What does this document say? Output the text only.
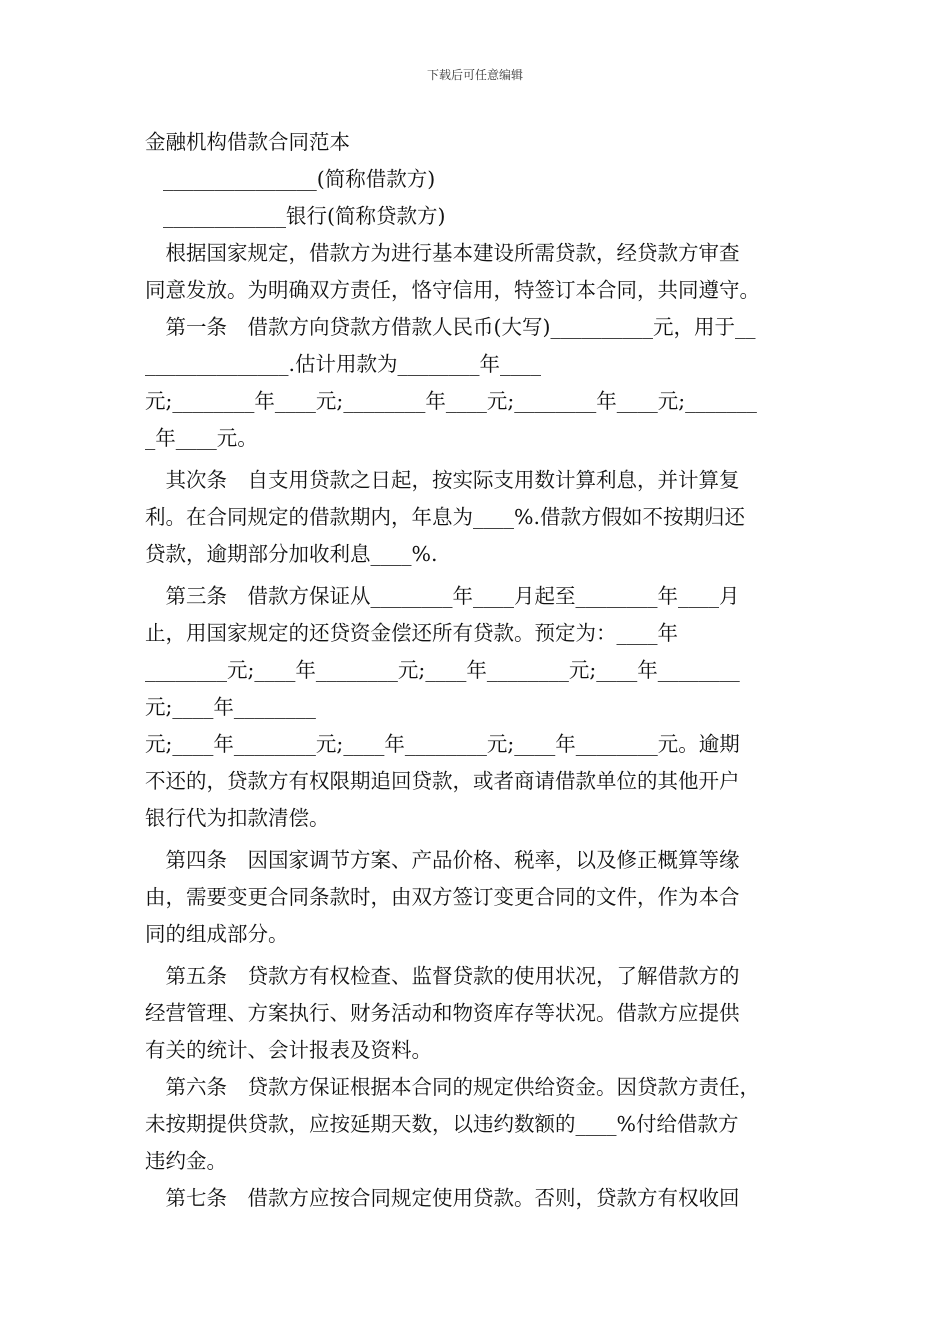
下载后可任意编辑
金融机构借款合同范本
_______________(简称借款方)
____________银行(简称贷款方)
　根据国家规定，借款方为进行基本建设所需贷款，经贷款方审查
同意发放。为明确双方责任，恪守信用，特签订本合同，共同遵守。
　第一条　借款方向贷款方借款人民币(大写)__________元，用于__
______________.估计用款为________年____
元;________年____元;________年____元;________年____元;_______
_年____元。
　其次条　自支用贷款之日起，按实际支用数计算利息，并计算复
利。在合同规定的借款期内，年息为____%.借款方假如不按期归还
贷款，逾期部分加收利息____%.
　第三条　借款方保证从________年____月起至________年____月
止，用国家规定的还贷资金偿还所有贷款。预定为：____年
________元;____年________元;____年________元;____年________
元;____年________
元;____年________元;____年________元;____年________元。逾期
不还的，贷款方有权限期追回贷款，或者商请借款单位的其他开户
银行代为扣款清偿。
　第四条　因国家调节方案、产品价格、税率，以及修正概算等缘
由，需要变更合同条款时，由双方签订变更合同的文件，作为本合
同的组成部分。
　第五条　贷款方有权检查、监督贷款的使用状况，了解借款方的
经营管理、方案执行、财务活动和物资库存等状况。借款方应提供
有关的统计、会计报表及资料。
　第六条　贷款方保证根据本合同的规定供给资金。因贷款方责任，
未按期提供贷款，应按延期天数，以违约数额的____%付给借款方
违约金。
　第七条　借款方应按合同规定使用贷款。否则，贷款方有权收回
